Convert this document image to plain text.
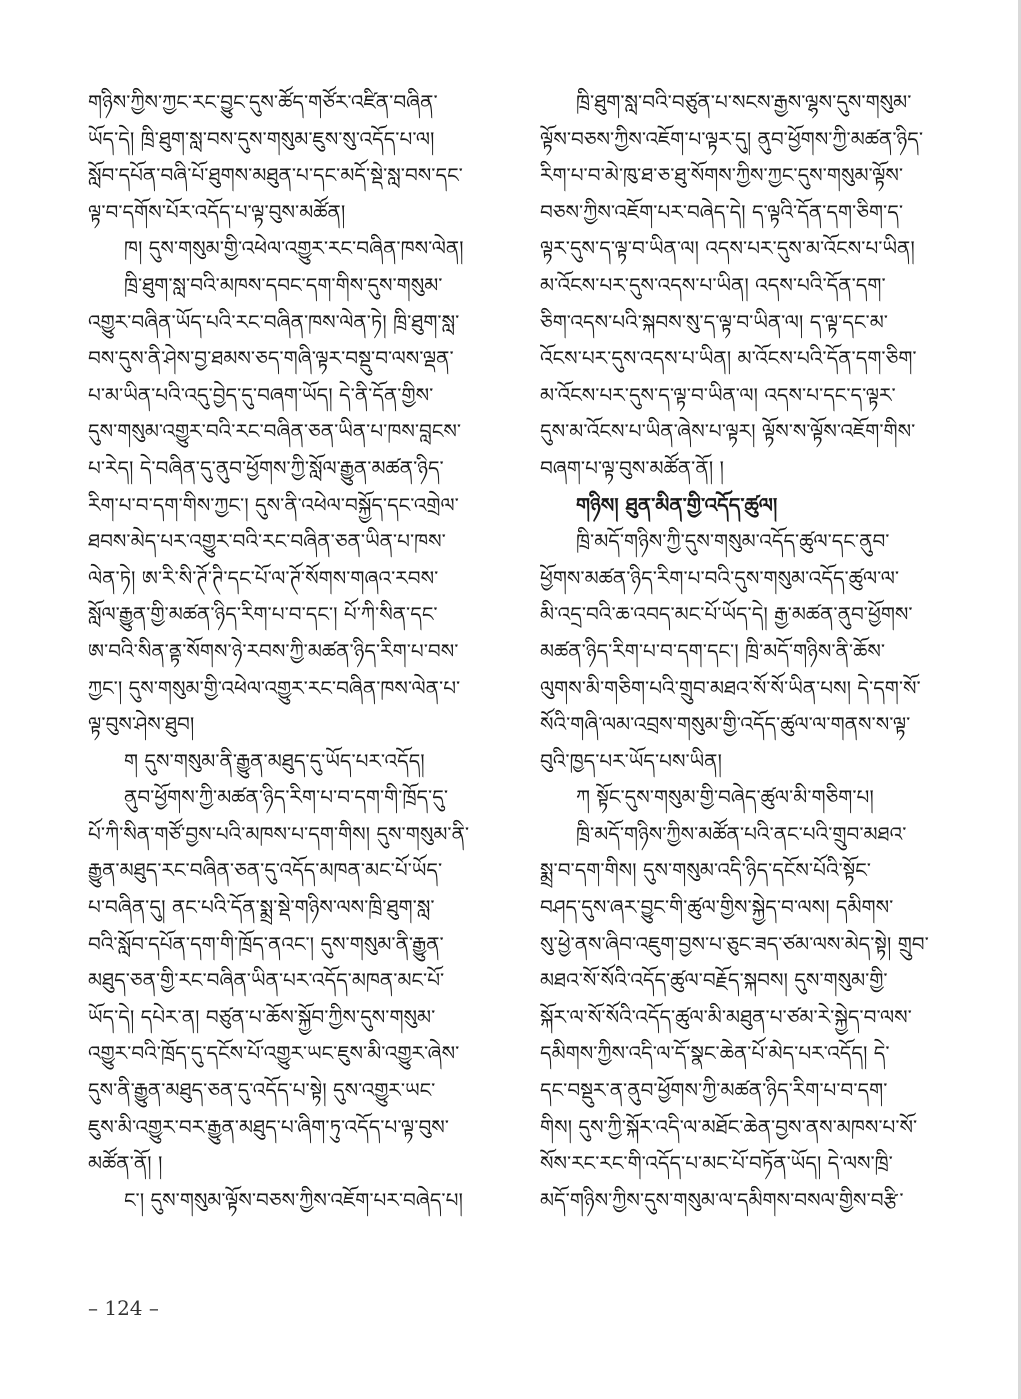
གཉིས་ཀྱིས་ཀྱང་རང་བྱུང་དུས་ཚོད་གཙོར་འཛིན་བཞིན་
ཡོད་དེ། ཁྲི་ཐུག་སླ་བས་དུས་གསུམ་ཇུས་སུ་འདོད་པ་ལ།
སློབ་དཔོན་བཞི་པོ་ཐུགས་མཐུན་པ་དང་མདོ་སྡེ་སླ་བས་དང་
ལྟ་བ་དགོས་པོར་འདོད་པ་ལྟ་བུས་མཚོན།
ཁ། དུས་གསུམ་གྱི་འཕེལ་འགྱུར་རང་བཞིན་ཁས་ལེན།
ཁྲི་ཐུག་སླ་བའི་མཁས་དབང་དག་གིས་དུས་གསུམ་
འགྱུར་བཞིན་ཡོད་པའི་རང་བཞིན་ཁས་ལེན་ཏེ། ཁྲི་ཐུག་སླ་
བས་དུས་ནི་ཤེས་བྱ་ཐམས་ཅད་གཞི་ལྟར་བསྡུ་བ་ལས་ལྡན་
པ་མ་ཡིན་པའི་འདུ་བྱེད་དུ་བཞག་ཡོད། དེ་ནི་དོན་གྱིས་
དུས་གསུམ་འགྱུར་བའི་རང་བཞིན་ཅན་ཡིན་པ་ཁས་བླངས་
པ་རེད། དེ་བཞིན་དུ་ནུབ་ཕྱོགས་ཀྱི་སློལ་རྒྱུན་མཚན་ཉིད་
རིག་པ་བ་དག་གིས་ཀྱང་། དུས་ནི་འཕེལ་བསྐྱོད་དང་འགྲེལ་
ཐབས་མེད་པར་འགྱུར་བའི་རང་བཞིན་ཅན་ཡིན་པ་ཁས་
ལེན་ཏེ། ཨ་རི་སི་ཊོ་ཊི་དང་པོ་ལ་ཊོ་སོགས་གཞའ་རབས་
སློལ་རྒྱུན་གྱི་མཚན་ཉིད་རིག་པ་བ་དང་། པོ་ཀི་སིན་དང་
ཨ་བའི་སིན་ནྟ་སོགས་ཉེ་རབས་ཀྱི་མཚན་ཉིད་རིག་པ་བས་
ཀྱང་། དུས་གསུམ་གྱི་འཕེལ་འགྱུར་རང་བཞིན་ཁས་ལེན་པ་
ལྟ་བུས་ཤེས་ཐུབ།
ག དུས་གསུམ་ནི་རྒྱུན་མཐུད་དུ་ཡོད་པར་འདོད།
ནུབ་ཕྱོགས་ཀྱི་མཚན་ཉིད་རིག་པ་བ་དག་གི་ཁྲོད་དུ་
པོ་ཀི་སིན་གཙོ་བྱས་པའི་མཁས་པ་དག་གིས། དུས་གསུམ་ནི་
རྒྱུན་མཐུད་རང་བཞིན་ཅན་དུ་འདོད་མཁན་མང་པོ་ཡོད་
པ་བཞིན་དུ། ནང་པའི་དོན་སྨྲ་སྡེ་གཉིས་ལས་ཁྲི་ཐུག་སླ་
བའི་སློབ་དཔོན་དག་གི་ཁྲོད་ནའང་། དུས་གསུམ་ནི་རྒྱུན་
མཐུད་ཅན་གྱི་རང་བཞིན་ཡིན་པར་འདོད་མཁན་མང་པོ་
ཡོད་དེ། དཔེར་ན། བཙུན་པ་ཆོས་སྐྱོབ་ཀྱིས་དུས་གསུམ་
འགྱུར་བའི་ཁྲོད་དུ་དངོས་པོ་འགྱུར་ཡང་ཇུས་མི་འགྱུར་ཞེས་
དུས་ནི་རྒྱུན་མཐུད་ཅན་དུ་འདོད་པ་སྟེ། དུས་འགྱུར་ཡང་
ཇུས་མི་འགྱུར་བར་རྒྱུན་མཐུད་པ་ཞིག་ཏུ་འདོད་པ་ལྟ་བུས་
མཚོན་ནོ། །
ང་། དུས་གསུམ་ལྟོས་བཅས་ཀྱིས་འཇོག་པར་བཞེད་པ།
ཁྲི་ཐུག་སླ་བའི་བཙུན་པ་སངས་རྒྱས་ལྷས་དུས་གསུམ་
ལྟོས་བཅས་ཀྱིས་འཇོག་པ་ལྟར་དུ། ནུབ་ཕྱོགས་ཀྱི་མཚན་ཉིད་
རིག་པ་བ་མེ་ཁུ་ཐ་ཅ་ཐུ་སོགས་ཀྱིས་ཀྱང་དུས་གསུམ་ལྟོས་
བཅས་ཀྱིས་འཇོག་པར་བཞེད་དེ། ད་ལྟའི་དོན་དག་ཅིག་ད་
ལྟར་དུས་ད་ལྟ་བ་ཡིན་ལ། འདས་པར་དུས་མ་འོངས་པ་ཡིན།
མ་འོངས་པར་དུས་འདས་པ་ཡིན། འདས་པའི་དོན་དག་
ཅིག་འདས་པའི་སྐབས་སུ་ད་ལྟ་བ་ཡིན་ལ། ད་ལྟ་དང་མ་
འོངས་པར་དུས་འདས་པ་ཡིན། མ་འོངས་པའི་དོན་དག་ཅིག་
མ་འོངས་པར་དུས་ད་ལྟ་བ་ཡིན་ལ། འདས་པ་དང་ད་ལྟར་
དུས་མ་འོངས་པ་ཡིན་ཞེས་པ་ལྟར། ལྟོས་ས་ལྟོས་འཇོག་གིས་
བཞག་པ་ལྟ་བུས་མཚོན་ནོ། །
གཉིས། ཐུན་མིན་གྱི་འདོད་ཚུལ།
ཁྲི་མདོ་གཉིས་ཀྱི་དུས་གསུམ་འདོད་ཚུལ་དང་ནུབ་
ཕྱོགས་མཚན་ཉིད་རིག་པ་བའི་དུས་གསུམ་འདོད་ཚུལ་ལ་
མི་འདྲ་བའི་ཆ་འབད་མང་པོ་ཡོད་དེ། རྒྱ་མཚན་ནུབ་ཕྱོགས་
མཚན་ཉིད་རིག་པ་བ་དག་དང་། ཁྲི་མདོ་གཉིས་ནི་ཆོས་
ལུགས་མི་གཅིག་པའི་གྲུབ་མཐའ་སོ་སོ་ཡིན་པས། དེ་དག་སོ་
སོའི་གཞི་ལམ་འབྲས་གསུམ་གྱི་འདོད་ཚུལ་ལ་གནས་ས་ལྟ་
བུའི་ཁྱད་པར་ཡོད་པས་ཡིན།
ཀ སྟོང་དུས་གསུམ་གྱི་བཞེད་ཚུལ་མི་གཅིག་པ།
ཁྲི་མདོ་གཉིས་ཀྱིས་མཚོན་པའི་ནང་པའི་གྲུབ་མཐའ་
སྨྲ་བ་དག་གིས། དུས་གསུམ་འདི་ཉིད་དངོས་པོའི་སྟོང་
བཤད་དུས་ཞར་བྱུང་གི་ཚུལ་གྱིས་སྐྱེད་བ་ལས། དམིགས་
སུ་ཕྱེ་ནས་ཞིབ་འཇུག་བྱས་པ་ཅུང་ཟད་ཙམ་ལས་མེད་སྟེ། གྲུབ་
མཐའ་སོ་སོའི་འདོད་ཚུལ་བརྗོད་སྐབས། དུས་གསུམ་གྱི་
སྐོར་ལ་སོ་སོའི་འདོད་ཚུལ་མི་མཐུན་པ་ཙམ་རེ་སྐྱེད་བ་ལས་
དམིགས་ཀྱིས་འདི་ལ་དོ་སྣང་ཆེན་པོ་མེད་པར་འདོད། དེ་
དང་བསྡུར་ན་ནུབ་ཕྱོགས་ཀྱི་མཚན་ཉིད་རིག་པ་བ་དག་
གིས། དུས་ཀྱི་སྐོར་འདི་ལ་མཐོང་ཆེན་བྱས་ནས་མཁས་པ་སོ་
སོས་རང་རང་གི་འདོད་པ་མང་པོ་བཏོན་ཡོད། དེ་ལས་ཁྲི་
མདོ་གཉིས་ཀྱིས་དུས་གསུམ་ལ་དམིགས་བསལ་གྱིས་བརྩི་
– 124 –
